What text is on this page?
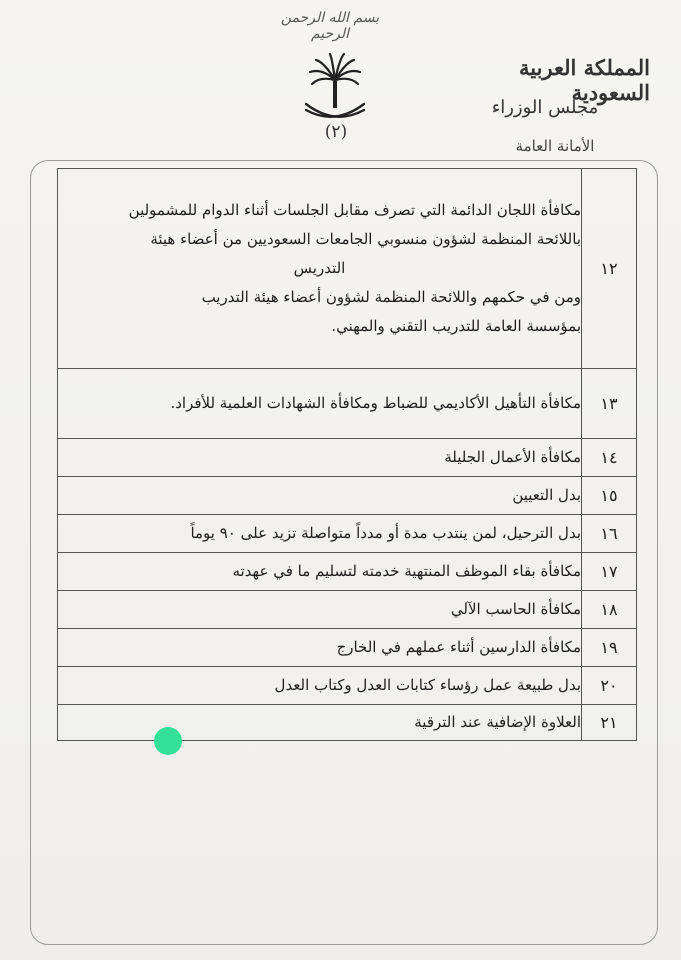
بسم الله الرحمن الرحيم
(٢)
المملكة العربية السعودية
مجلس الوزراء
الأمانة العامة
١٢	مكافأة اللجان الدائمة التي تصرف مقابل الجلسات أثناء الدوام للمشمولين
باللائحة المنظمة لشؤون منسوبي الجامعات السعوديين من أعضاء هيئة
التدريس
ومن في حكمهم واللائحة المنظمة لشؤون أعضاء هيئة التدريب
بمؤسسة العامة للتدريب التقني والمهني.

١٣	مكافأة التأهيل الأكاديمي للضباط ومكافأة الشهادات العلمية للأفراد.

١٤	مكافأة الأعمال الجليلة

١٥	بدل التعيين

١٦	بدل الترحيل، لمن ينتدب مدة أو مدداً متواصلة تزيد على ٩٠ يوماً

١٧	مكافأة بقاء الموظف المنتهية خدمته لتسليم ما في عهدته

١٨	مكافأة الحاسب الآلي

١٩	مكافأة الدارسين أثناء عملهم في الخارج

٢٠	بدل طبيعة عمل رؤساء كتابات العدل وكتاب العدل

٢١	العلاوة الإضافية عند الترقية
